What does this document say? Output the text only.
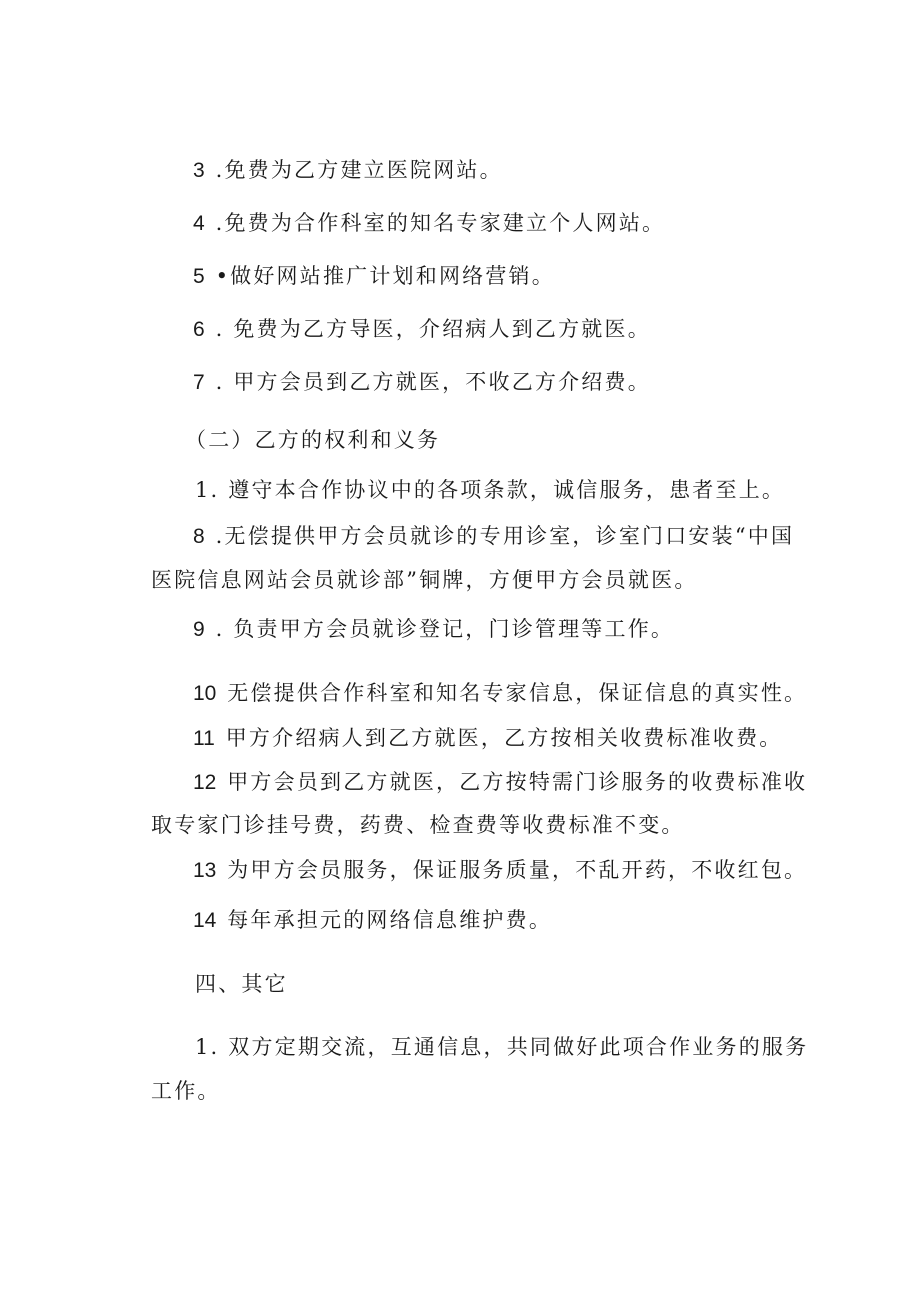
3 .免费为乙方建立医院网站。
4 .免费为合作科室的知名专家建立个人网站。
5 •做好网站推广计划和网络营销。
6 . 免费为乙方导医，介绍病人到乙方就医。
7 . 甲方会员到乙方就医，不收乙方介绍费。
（二）乙方的权利和义务
1. 遵守本合作协议中的各项条款，诚信服务，患者至上。
8 .无偿提供甲方会员就诊的专用诊室，诊室门口安装“中国
医院信息网站会员就诊部”铜牌，方便甲方会员就医。
9 . 负责甲方会员就诊登记，门诊管理等工作。
10 无偿提供合作科室和知名专家信息，保证信息的真实性。
11 甲方介绍病人到乙方就医，乙方按相关收费标准收费。
12 甲方会员到乙方就医，乙方按特需门诊服务的收费标准收
取专家门诊挂号费，药费、检查费等收费标准不变。
13 为甲方会员服务，保证服务质量，不乱开药，不收红包。
14 每年承担元的网络信息维护费。
四、其它
1. 双方定期交流，互通信息，共同做好此项合作业务的服务
工作。
